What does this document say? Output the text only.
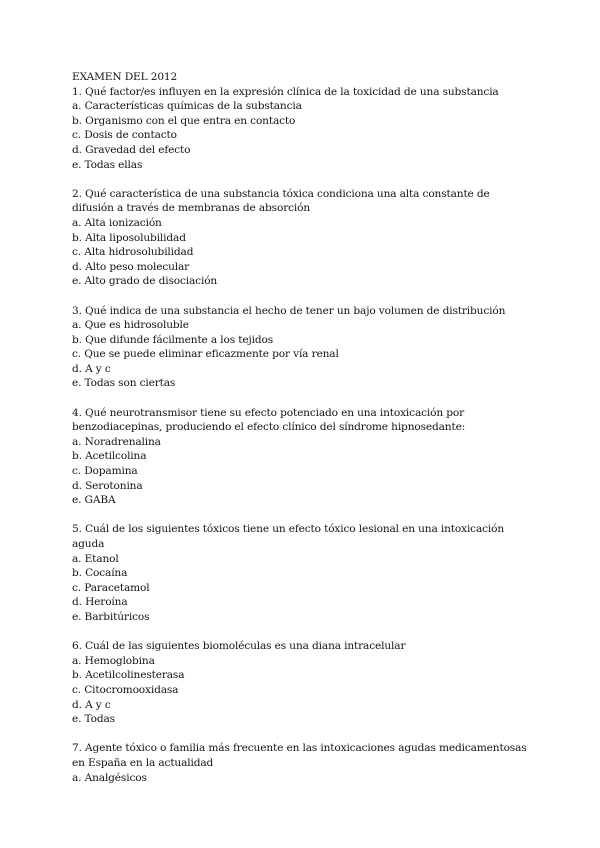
EXAMEN DEL 2012

1. Qué factor/es influyen en la expresión clínica de la toxicidad de una substancia

a. Características químicas de la substancia
b. Organismo con el que entra en contacto
c. Dosis de contacto
d. Gravedad del efecto
e. Todas ellas

2. Qué característica de una substancia tóxica condiciona una alta constante de difusión a través de membranas de absorción

a. Alta ionización
b. Alta liposolubilidad
c. Alta hidrosolubilidad
d. Alto peso molecular
e. Alto grado de disociación

3. Qué indica de una substancia el hecho de tener un bajo volumen de distribución

a. Que es hidrosoluble
b. Que difunde fácilmente a los tejidos
c. Que se puede eliminar eficazmente por vía renal
d. A y c
e. Todas son ciertas

4. Qué neurotransmisor tiene su efecto potenciado en una intoxicación por benzodiacepinas, produciendo el efecto clínico del síndrome hipnosedante:

a. Noradrenalina
b. Acetilcolina
c. Dopamina
d. Serotonina
e. GABA

5. Cuál de los siguientes tóxicos tiene un efecto tóxico lesional en una intoxicación aguda

a. Etanol
b. Cocaína
c. Paracetamol
d. Heroína
e. Barbitúricos

6. Cuál de las siguientes biomoléculas es una diana intracelular

a. Hemoglobina
b. Acetilcolinesterasa
c. Citocromooxidasa
d. A y c
e. Todas

7. Agente tóxico o familia más frecuente en las intoxicaciones agudas medicamentosas en España en la actualidad

a. Analgésicos
